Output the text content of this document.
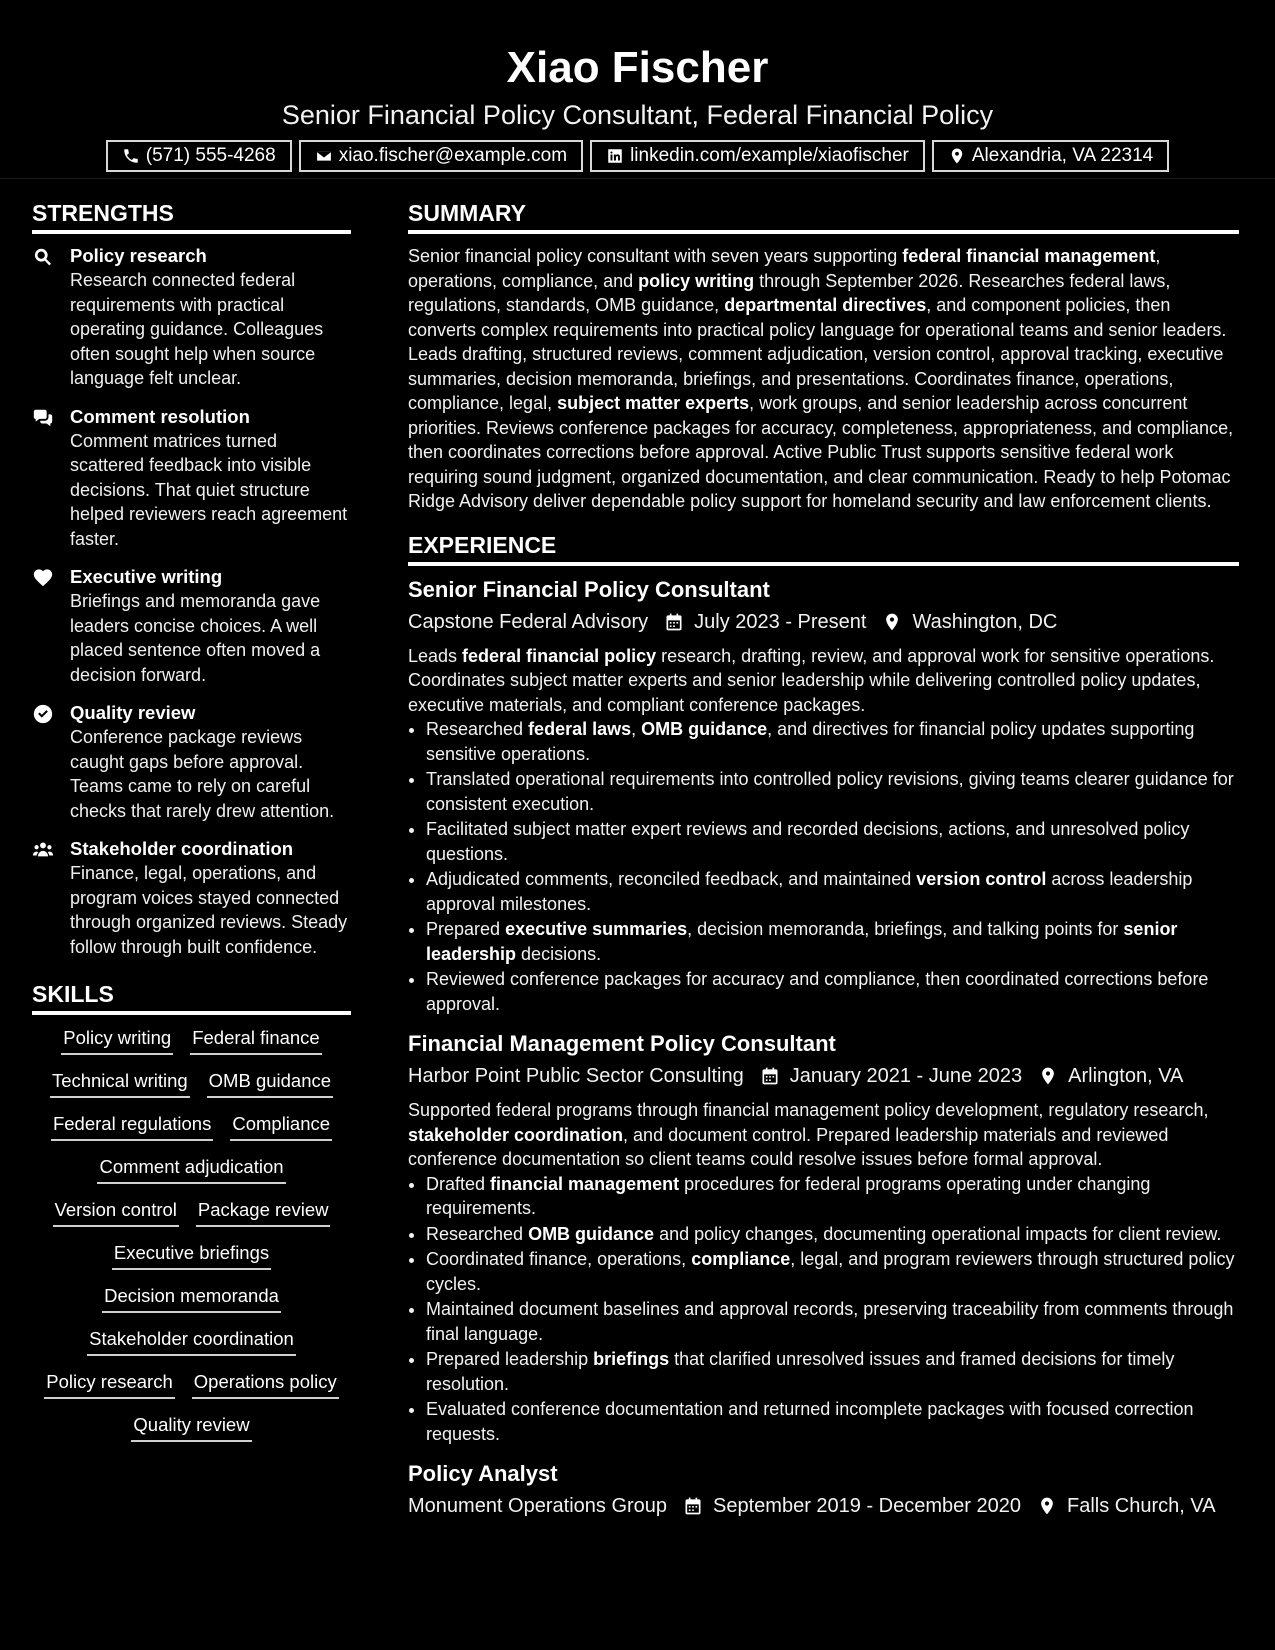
Xiao Fischer
Senior Financial Policy Consultant, Federal Financial Policy
(571) 555-4268	xiao.fischer@example.com	linkedin.com/example/xiaofischer	Alexandria, VA 22314
STRENGTHS
Policy research
Research connected federal requirements with practical operating guidance. Colleagues often sought help when source language felt unclear.
Comment resolution
Comment matrices turned scattered feedback into visible decisions. That quiet structure helped reviewers reach agreement faster.
Executive writing
Briefings and memoranda gave leaders concise choices. A well placed sentence often moved a decision forward.
Quality review
Conference package reviews caught gaps before approval. Teams came to rely on careful checks that rarely drew attention.
Stakeholder coordination
Finance, legal, operations, and program voices stayed connected through organized reviews. Steady follow through built confidence.
SKILLS
Policy writing Federal finance
Technical writing OMB guidance
Federal regulations Compliance
Comment adjudication
Version control Package review
Executive briefings
Decision memoranda
Stakeholder coordination
Policy research Operations policy
Quality review
SUMMARY
Senior financial policy consultant with seven years supporting federal financial management, operations, compliance, and policy writing through September 2026. Researches federal laws, regulations, standards, OMB guidance, departmental directives, and component policies, then converts complex requirements into practical policy language for operational teams and senior leaders. Leads drafting, structured reviews, comment adjudication, version control, approval tracking, executive summaries, decision memoranda, briefings, and presentations. Coordinates finance, operations, compliance, legal, subject matter experts, work groups, and senior leadership across concurrent priorities. Reviews conference packages for accuracy, completeness, appropriateness, and compliance, then coordinates corrections before approval. Active Public Trust supports sensitive federal work requiring sound judgment, organized documentation, and clear communication. Ready to help Potomac Ridge Advisory deliver dependable policy support for homeland security and law enforcement clients.
EXPERIENCE
Senior Financial Policy Consultant
Capstone Federal Advisory July 2023 - Present Washington, DC
Leads federal financial policy research, drafting, review, and approval work for sensitive operations. Coordinates subject matter experts and senior leadership while delivering controlled policy updates, executive materials, and compliant conference packages.
• Researched federal laws, OMB guidance, and directives for financial policy updates supporting sensitive operations.
• Translated operational requirements into controlled policy revisions, giving teams clearer guidance for consistent execution.
• Facilitated subject matter expert reviews and recorded decisions, actions, and unresolved policy questions.
• Adjudicated comments, reconciled feedback, and maintained version control across leadership approval milestones.
• Prepared executive summaries, decision memoranda, briefings, and talking points for senior leadership decisions.
• Reviewed conference packages for accuracy and compliance, then coordinated corrections before approval.
Financial Management Policy Consultant
Harbor Point Public Sector Consulting January 2021 - June 2023 Arlington, VA
Supported federal programs through financial management policy development, regulatory research, stakeholder coordination, and document control. Prepared leadership materials and reviewed conference documentation so client teams could resolve issues before formal approval.
• Drafted financial management procedures for federal programs operating under changing requirements.
• Researched OMB guidance and policy changes, documenting operational impacts for client review.
• Coordinated finance, operations, compliance, legal, and program reviewers through structured policy cycles.
• Maintained document baselines and approval records, preserving traceability from comments through final language.
• Prepared leadership briefings that clarified unresolved issues and framed decisions for timely resolution.
• Evaluated conference documentation and returned incomplete packages with focused correction requests.
Policy Analyst
Monument Operations Group September 2019 - December 2020 Falls Church, VA
